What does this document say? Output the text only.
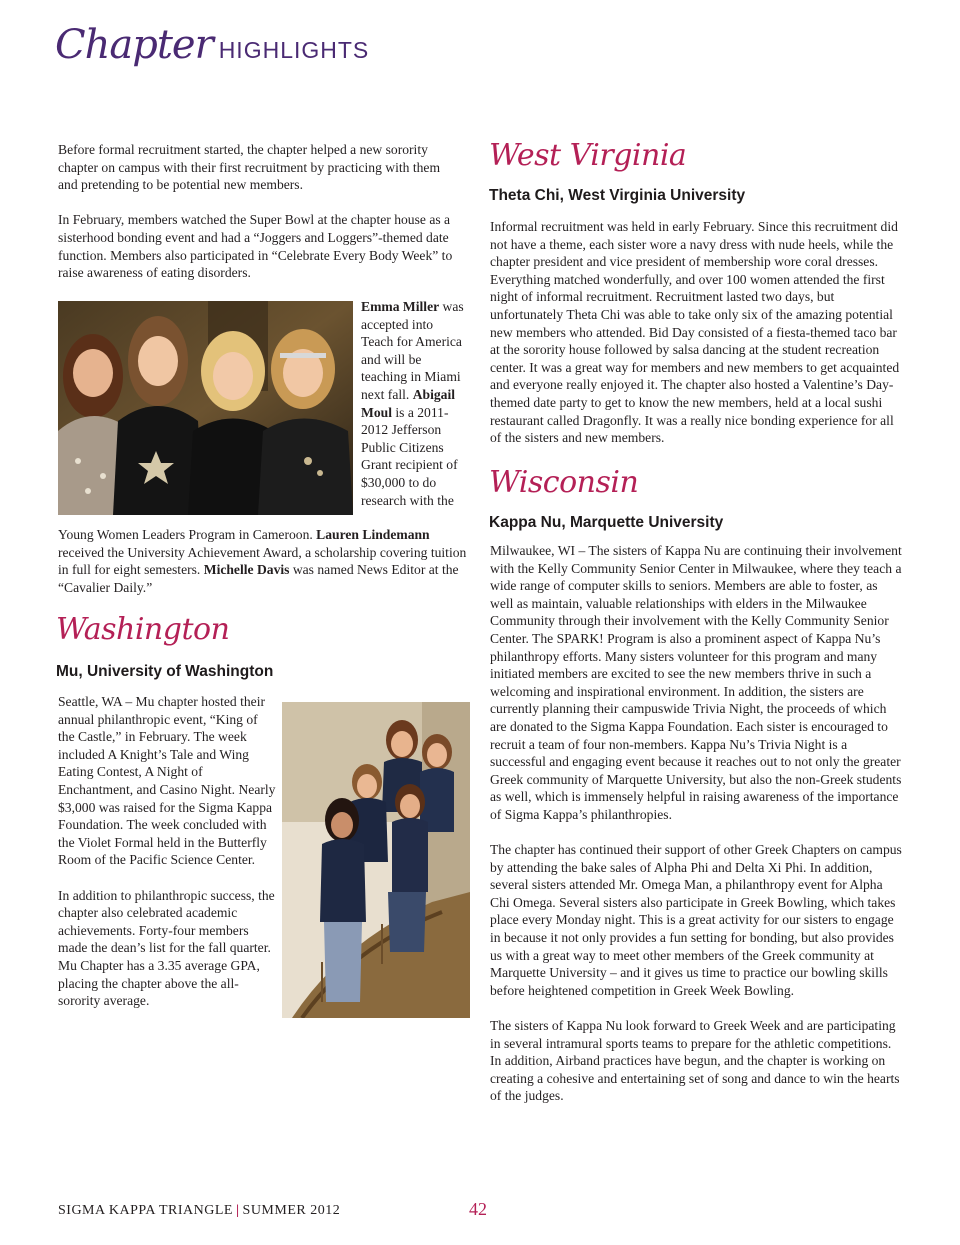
Chapter HIGHLIGHTS

Before formal recruitment started, the chapter helped a new sorority chapter on campus with their first recruitment by practicing with them and pretending to be potential new members.

In February, members watched the Super Bowl at the chapter house as a sisterhood bonding event and had a “Joggers and Loggers”-themed date function. Members also participated in “Celebrate Every Body Week” to raise awareness of eating disorders.

Emma Miller was accepted into Teach for America and will be teaching in Miami next fall. Abigail Moul is a 2011-2012 Jefferson Public Citizens Grant recipient of $30,000 to do research with the
Young Women Leaders Program in Cameroon. Lauren Lindemann received the University Achievement Award, a scholarship covering tuition in full for eight semesters. Michelle Davis was named News Editor at the “Cavalier Daily.”
Washington
Mu, University of Washington

Seattle, WA – Mu chapter hosted their annual philanthropic event, “King of the Castle,” in February. The week included A Knight’s Tale and Wing Eating Contest, A Night of Enchantment, and Casino Night. Nearly $3,000 was raised for the Sigma Kappa Foundation. The week concluded with the Violet Formal held in the Butterfly Room of the Pacific Science Center.

In addition to philanthropic success, the chapter also celebrated academic achievements. Forty-four members made the dean’s list for the fall quarter. Mu Chapter has a 3.35 average GPA, placing the chapter above the all-sorority average.

West Virginia
Theta Chi, West Virginia University

Informal recruitment was held in early February. Since this recruitment did not have a theme, each sister wore a navy dress with nude heels, while the chapter president and vice president of membership wore coral dresses. Everything matched wonderfully, and over 100 women attended the first night of informal recruitment. Recruitment lasted two days, but unfortunately Theta Chi was able to take only six of the amazing potential new members who attended. Bid Day consisted of a fiesta-themed taco bar at the sorority house followed by salsa dancing at the student recreation center. It was a great way for members and new members to get acquainted and everyone really enjoyed it. The chapter also hosted a Valentine’s Day-themed date party to get to know the new members, held at a local sushi restaurant called Dragonfly. It was a really nice bonding experience for all of the sisters and new members.

Wisconsin
Kappa Nu, Marquette University

Milwaukee, WI – The sisters of Kappa Nu are continuing their involvement with the Kelly Community Senior Center in Milwaukee, where they teach a wide range of computer skills to seniors. Members are able to foster, as well as maintain, valuable relationships with elders in the Milwaukee Community through their involvement with the Kelly Community Senior Center. The SPARK! Program is also a prominent aspect of Kappa Nu’s philanthropy efforts. Many sisters volunteer for this program and many initiated members are excited to see the new members thrive in such a welcoming and inspirational environment. In addition, the sisters are currently planning their campuswide Trivia Night, the proceeds of which are donated to the Sigma Kappa Foundation. Each sister is encouraged to recruit a team of four non-members. Kappa Nu’s Trivia Night is a successful and engaging event because it reaches out to not only the greater Greek community of Marquette University, but also the non-Greek students as well, which is immensely helpful in raising awareness of the importance of Sigma Kappa’s philanthropies.

The chapter has continued their support of other Greek Chapters on campus by attending the bake sales of Alpha Phi and Delta Xi Phi. In addition, several sisters attended Mr. Omega Man, a philanthropy event for Alpha Chi Omega. Several sisters also participate in Greek Bowling, which takes place every Monday night. This is a great activity for our sisters to engage in because it not only provides a fun setting for bonding, but also provides us with a great way to meet other members of the Greek community at Marquette University – and it gives us time to practice our bowling skills before heightened competition in Greek Week Bowling.

The sisters of Kappa Nu look forward to Greek Week and are participating in several intramural sports teams to prepare for the athletic competitions. In addition, Airband practices have begun, and the chapter is working on creating a cohesive and entertaining set of song and dance to win the hearts of the judges.

SIGMA KAPPA TRIANGLE | SUMMER 2012	42
